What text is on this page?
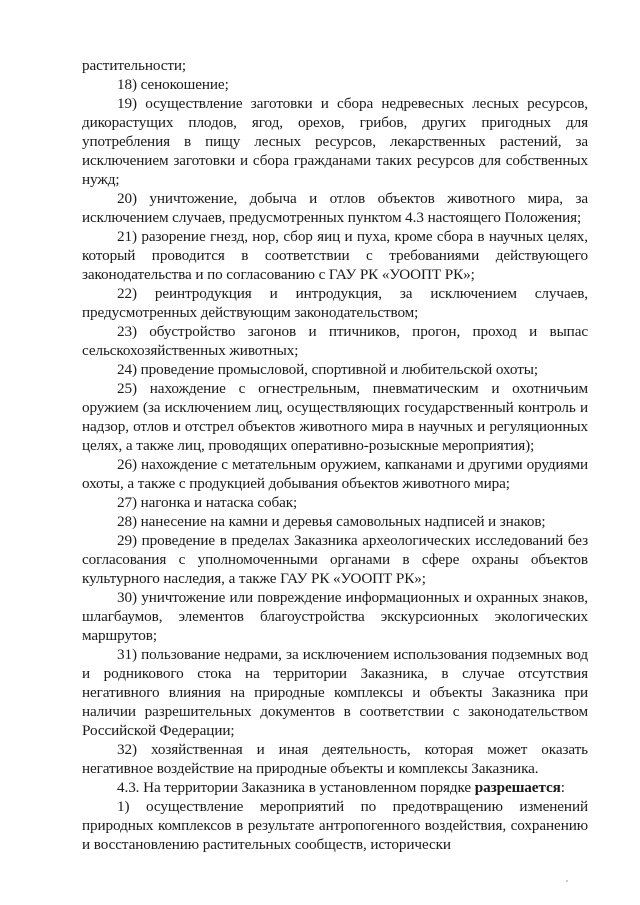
растительности;

18) сенокошение;

19) осуществление заготовки и сбора недревесных лесных ресурсов, дикорастущих плодов, ягод, орехов, грибов, других пригодных для употребления в пищу лесных ресурсов, лекарственных растений, за исключением заготовки и сбора гражданами таких ресурсов для собственных нужд;

20) уничтожение, добыча и отлов объектов животного мира, за исключением случаев, предусмотренных пунктом 4.3 настоящего Положения;

21) разорение гнезд, нор, сбор яиц и пуха, кроме сбора в научных целях, который проводится в соответствии с требованиями действующего законодательства и по согласованию с ГАУ РК «УООПТ РК»;

22) реинтродукция и интродукция, за исключением случаев, предусмотренных действующим законодательством;

23) обустройство загонов и птичников, прогон, проход и выпас сельскохозяйственных животных;

24) проведение промысловой, спортивной и любительской охоты;

25) нахождение с огнестрельным, пневматическим и охотничьим оружием (за исключением лиц, осуществляющих государственный контроль и надзор, отлов и отстрел объектов животного мира в научных и регуляционных целях, а также лиц, проводящих оперативно-розыскные мероприятия);

26) нахождение с метательным оружием, капканами и другими орудиями охоты, а также с продукцией добывания объектов животного мира;

27) нагонка и натаска собак;

28) нанесение на камни и деревья самовольных надписей и знаков;

29) проведение в пределах Заказника археологических исследований без согласования с уполномоченными органами в сфере охраны объектов культурного наследия, а также ГАУ РК «УООПТ РК»;

30) уничтожение или повреждение информационных и охранных знаков, шлагбаумов, элементов благоустройства экскурсионных экологических маршрутов;

31) пользование недрами, за исключением использования подземных вод и родникового стока на территории Заказника, в случае отсутствия негативного влияния на природные комплексы и объекты Заказника при наличии разрешительных документов в соответствии с законодательством Российской Федерации;

32) хозяйственная и иная деятельность, которая может оказать негативное воздействие на природные объекты и комплексы Заказника.

4.3. На территории Заказника в установленном порядке разрешается:

1) осуществление мероприятий по предотвращению изменений природных комплексов в результате антропогенного воздействия, сохранению и восстановлению растительных сообществ, исторически
